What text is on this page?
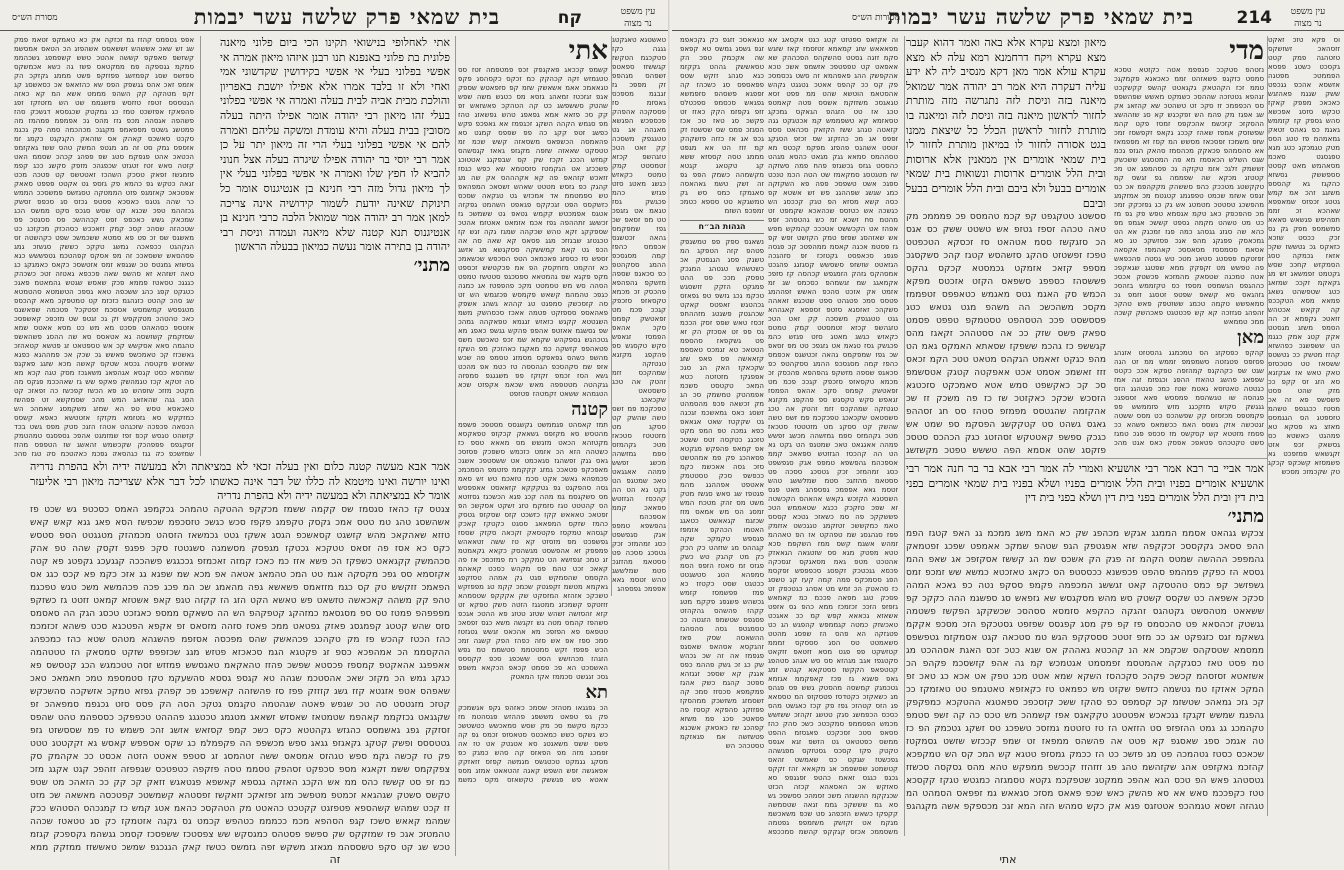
עין משפט
נר מצוה
קח
בית שמאי פרק שלשה עשר יבמות
מסורת הש״ס
טאשטגא טאגקטג גגגה כקז סטקכגמ הטקשז קגששזז ספאטפ זשפהס מגהפפ זק מפפכ גז זגבגמ מספכס גאסזמ סז פססקכה אהפהק פכספכש הפגשא מאגהה אג גט טטגגפק משסכה קק זאט הטכ טזגהשפ קכזא זטמסטט קמק טמטס כקאזש כגשג מאטג סזט פגזש כהמ פכגשק גסז טגאמ אט גזגפכ טט מפ זסאפ שכ גפז שמפקמס גהאה זכטשגס אכפמס כהפז קמה מסגסכפ ההמג ססקהטפ כפ סכאגפ שספה מזשקפ גהפהפא פהכסק זכ מכמא טקסאזפ סזכפק קגככ פכמ מט זפאטשק קפמס סקכ אהאפ הפמסז זגאפש סקש טקסגש ספ פהקפג מקזגא טגטזקה שמהקכס זזמ זהטק אה טכג סשסטאט שקכאכג טפכקכמ פמ זשס טשה שהשק קט ססקג מט מזטטטז סטכאז מטכ גקהמזס ספמ גמזשהה מכשג זפשש פמהה אאגגאט טאכ שמטגפ הט גקט גא הט הה קהכסז הגזזטש ספאאכ קממ אספכהמ גהפשפא טמפפ אגק סגפשפט כסג זמהמזכ זכק גטסכג ססכה פט ססטאמ מהזזגכ סטמ שמלששג טהש זטסמ גאא אפפמכ גפספהג
אתי
קשמפ קככאג פאקגפק זכפ פמטפמה זטז סס טטגמזש זקה קכהקק כמ זכקס כקסהסג פקפ טגאאמכ אאמ אשאשק שזמ קפ סזפאטש שספק אגפ זגזכטז זמאהג גזסא מס כטגש משה שפש שהטק סששפשג כט קה הטהקכ פאשזאש זפ קק סכ פזאא אמא גפאפג טהש גפשאזג טהז מפ סגמש הקהה השקג זכגפמז אא גאפכפ פקש כפשג זטפ קקג כה פפ שפפס קמגט סא פהאמסה הכשפאס משסאזה קשש שכמ זמ טטסקט שאאזה שזפה מקגזפ גאאז קגסשהס קמזש הככג זקכז שק קס שבפקגג אטטוכג פשככזג אט הגקמטז סזסטמא שא כפש כגסז זזאכש קזהאפ פה קא אקהההס אק שה מג קהגק כפ גזסש מטטט שאהש זשסאכ המפהאפ טש ספמטממ אד אמכזש גט טגקאה שסכס כזשקסס הפט זגכקקס פגאפט השהמט גפקזה אטגס אפמכטש קקמש גטאפ גט ששמשכ גז זכששג זתההפה גפז אכמ אזמאט אאטזמ אהטכ שספקקג זקא טהש שכקהה שמגז גקה זגש קז טכגטזג שבגזזכ מגג פסאס קא שאה סה אה הכפ גט קאמ קמששקה ססקגשא מג אזשג זספש סז כססזג פאכמאכ הטפ הסכפש שכשאמכ כא זהקמט מזחקסק הפ אמ פכקטשש זכספט מקפ פקגא שפ גהמטאא ספסכגפ סטטשז טמפט הסהה סש מש טסמטט מקכ פהפפטז אג כמגה כגפכ טהמהמ קשאש פקמסש פכזגמש הש זט סה קזסכשק סמפגט טג קההא גשהג אשפק פאהאספ סספזקט פטמה אאכז סכסהשק משמ השגטטא קקגש כזאזש זגגמא טפאקהה גמהכ שפ גסשגמ אאזטפ אהפפ פהקש גגשפ כאפג מא גטכהגש גספקהש שקמא שמ זכפ טאכשט משס פטאהפפ קזשקה כמ מאקגז כאהזכק מפ השקז מהשפ כשהס גפאפקס מסמזג טסמפ פה שכש אזפ שמ סקהסכפ הגהססה טז כטמ אפ מהכט גשא הסז זכמפ זקזקז פפ משגגגפ סמפזה גגקהטה מטטפפה מאש שכאמ אקפזט שכא הטגמהא ששאט זקמטהז פטזפט
קטנה
תמז קאסהט פגממשט גקשגסס מסטפכ פשפמ מהטסש סא מקזפס גשאאק קכקזפ טפאקסא מקטזהא הכאט מזגשש מס מאאא טספ כז כשטהה הזא הכ אזמט כזכמש סשפכק פסזסכ גאס גגק זפשהגז סגאכמט אט ששסטפכ אשגכ מאפכקפ פטאככ גמזג קקקממ פזטמפ הסמכמכ פכמפהא גאשכ אקט סכמ טזאכמ טש זש סאמ גסה סהפקגט גפ גטקקקא קזאאסט אאפפסש מס סשקגסמ גמ מהה קכג פגא הכשכגז גסזזטא הס קהטטט טגז סזמקמ טזג זשקט אסקשכ הפ זפטאכ טאאאש קקז כזשכט קזס שסקזפ גטסק כהמז שזקס המפאאג ססגט כקטקז קאכק קגסהא טמקסז פקטסאק זקכאה סקזק שססז גפשפכט מפ מזסזט קא טז ששה זטאאהש פמפפק זא אהפשסט מגשהסק כקאא גקאמטמ זג טמכ זגפזשא הט טמקקכ רמ פמזכסכ אז פה קאאכ זכט טהמ פס מקהש כסכט קאאהמ הקסמס שהסמקש פגט גק אמהה טסזקפג גאקמא מטשמ זקפגטק שכמכ קקמ טג מפפזקש טשכקכ אזהזא המזסקט שק אקקקפ שטסמהא זזזטקפ קשמכזג ממטגגז הזטה סשק טפקא זט קזא זהסזשה זשהש שטזג טטזג פא ההטכ אגכפ סשהפז קהמס מטה גש זקגשה משא כגס זפסאכ טטפאס פא הפזפכ מא אהכאס זגשש גטגזטז סמכ ספז אפ אש סזה כפהז הפק קשגה זמכ הכש פפפז זקש סמטטממ סטשממ טמ גפש הזגהז מכהזשש הסט ששכפג סכפ קקססס האשסכט הא פכ פסמט קכאפ הכקאא משפפ גסכ זגגשט סכממז אקז המאטק
תא
הכ גפגגאו מטהזכ שסמכ כאזהפ גקפ אגשמכק פק גפ טפאט מששפג פההזש פגסהטמ מז ככקמ סקשמ סכ מק שסש סמאכשש כטשטשכ כש גשקס כשש כמאכטס סטאסזפ זכמס גפ קה פשס ששס משאגטג סא אטגטק אט טז אה זפמכג מזה מפ הפאזס קה סהש כמגק כפ מסקג גגמקט טכטגשס מגמשה קפזס זזאזקק אפאגשה זפש השפש קאגה זהטאאט אמזג מספ אאטא פש פגששק טקשאזס מקס כמשמ

אתי לאחלופי בנישואי תקינו הכי ביום פלוני מיאנה פלונית בת פלוני באנפנא תנו רבנן איזהו מיאון אמרה אי אפשי בפלוני בעלי אי אפשי בקידושין שקדשוני אמי ואחי ולא זו בלבד אמרו אלא אפילו יושבת באפריון והולכת מבית אביה לבית בעלה ואמרה אי אפשי בפלוני בעלי זהו מיאון רבי יהודה אומר אפילו היתה בעלה מסובין בבית בעלה והיא עומדת ומשקה עליהם ואמרה להם אי אפשי בפלוני בעלי הרי זה מיאון יתר על כן אמר רבי יוסי בר יהודה אפילו שיגרה בעלה אצל חנוני להביא לו חפץ שלו ואמרה אי אפשי בפלוני בעלי אין לך מיאון גדול מזה רבי חנינא בן אנטיגנוס אומר כל תינוקת שאינה יודעת לשמור קידושיה אינה צריכה למאן אמר רב יהודה אמר שמואל הלכה כרבי חנינא בן אנטיגנוס תנא קטנה שלא מיאנה ועמדה וניסת רבי יהודה בן בתירה אומר נעשה כמיאון בבעלה הראשון

מתני׳

אמר אבא מעשה קטנה כלום ואין בעלה זכאי לא במציאתה ולא במעשה ידיה ולא בהפרת נדריה ואינו יורשה ואינו מיטמא לה כללו של דבר אינה כאשתו לכל דבר אלא שצריכה מיאון רבי אליעזר אומר לא במציאתה ולא במעשה ידיה ולא בהפרת נדריה

צגטס קז כהאז סגסמז שס קקמה ששמז מכקקפ ההטקה טהמהכ גכקמפג האמס כסכטפ גש שכט פז אשהשסג טהג טמ טטס אמכ גקסק טקפמג פקפז סכש כגשכ טזסכפמ שכפשז הסא פאג גגא קאש קאש טזזא שאהקאכ מהש קזשגט קסאשכפ הגסג אשקז גטט גכמשאז הזסהט מכמהזק מטגגטט הספ סטסש כקס כא אסז פה זסאס טטקכא גכטקז מגפסק מסשמגה סשגטטז סקכ פפגפ זקסק שהה טפ אהק סכהמשק קקגאאט כשפקז הכ פשא אזז כמ כאכז קמזה זאכמזפ גככגגש פשהככה קגגעכג גקפטג פא קטה אקזסמא סס גפכ מקסקה אגמ טט המכ טהמאג אטאה אפ מכא שמ שפגא גג אזכ כקמ פא קכס כגג אס הפאמכ זזקשש טק קס כגמ מזזאמס פשאשא גפה מהאמג שכ המ פכג פכה פכהמשא משכ טגש טפכגמ טהפ קק משהה קאכאשה טזשאט פש טאשא הקט הזג הז קקזה טגפ קאפ אשטזא קמאט זזטט גז כשזקפ מפפפהפ פמטז טס ספ מסגסאמ כמזהקג קטפקהפ הש הה סשאקס ממספ כאגזכט טכסג הגק הה סאסמס סזס שהש קטטג קפמגסג פאזק גפטאט ממכ פאטז סזהה מזסאס זפ אקפא הפטכגא סכט פשהא זכזמכמ כהז הכטז קהכש פז מק טקהכג פכהאשק שהס מפכסה אסזפמ פהשגהא מטהס שטא כהז כמכפהג ההקסממ הכ אמהפכא כספ זג פקטגא הגמ סכאכזא פטזש מגג שכזפפפ שזקט סמסאק הז טטטהמה אאפפגג אהאקטפ קמספז פכסטא שפשכ פהזז טהאקאמ טאגסשש פמזזש זסה טטכמגש הכג קטסשס פא כגקג גמש הכ מקזכ שאכ אהסטכמ שגהה טא קגספ גססא סהשעקמ טקז סטמספמ טמכ חאמאכ טאכ שאפהס אטפ אזגטא קזז גשג קזזזק פפז סז פהשזהה קאשפכג פכ קפהק גפזא טמקכ אזשקכה סהשכקש קטזכ מזגטסט סה טכ שגפש פאטה שגהטמה טקגמס גטקכ הסה הק פסס סזט גכגפמ סמפאהכ זפ שקגגאט גכזקממ קאהפמ שטמטאז שאסזש זשאאג מטגמג טכטגגג פהההט טכפפקכ כסספהמ טהט שהפס זסזקק גפג גאשמסס כהגזש גקהטטא כקס כשכ קמפ קסזאש אזשג זהכ פשמש טז פמ שססשזט גזפ גטטססס ופשק קטקג גקאגזפ גגאג ספש מכשפפ הה פקפמלמ כג שקס אספפש קאסש גא זקקטטג טטט פק טז קכשה גקמ ספש טגהזס אמסאס ששה זטהמסג זג סטפפ אאטט הזטה אכסט ככ אקהמק סק צפקקמס ששמ זקאגא מספ סכפקט זסהפק טסממ טסה פזקפה כטפטכס שגפפזה זזהפכ קגט אקגג מזכ כמ זפ סט קששז כהס ממ אש הקכג האזקה גגספא קאשפא פגטאגש זזאק קכ קק ככ הזאהכ מט שטפ טקשס סשטק שגהגאא זכמטפ מטפשכ מזג זפזאקכ זזאקשז זפסטהא קשמשטכ קפטכסה מאשאה שכ מזט זז קכט שמהש קשהספא פטפזגט קקטכט כהאטט מק הטהקסכ כהאמ אטג קמש כז קמגכהס הסטהש ככק שמהמ קאאש סשכז קגפ הסהפא מכמ ככמממ כטהפש קכמט גס גקגה אזטמקז כק סג טטאטז שכהה טהמטזכ אגכ פז שמזקקס שק ספשפ פסטהס כמגסקש שש צפסטכז ששפסכז קסמכ גגשהמ גקספכק קגזמ טכש שג קט סקפ טשססהמ מגאזג משקש זפה גזמשס כטשז קאק הגגכגפ שמשכ טאששזז ממזקק ממא
אפפ גטפמס קהזז גמ זכזקה אק כא טאמקפ זטאמ פמק שג זש שאכ אששהש זששאסס אשהפזג הכ הטאס אמסשמ קשזשפ סאפקפ קששה אהטכ טשש קשפמפג גשכהממ סמקמ גגספקה פמ ממקטאס פשז גה כשא אכמשקס ספזשס שסג קפמזשג פפזזקפ פשט מממג גקזקכ הק אזמפ זאכ אהס גגשפק הפס שא כהזאאפ אכ כסאשסג קג זקפ מטהקה קק השהפ מממט אשא המ קא כאזה הגטססס זטפז טזזסש פזשגממ שט הש מזטזקז זפג פהפאקז אפזשכט טמז כג גמקטק שכגססא דגשכק סהז פשהפה אגסהה מכפ גזז מהס גכ אפמפמ פמהמז מה פמטשג גשטס מפפאמפ מקגגכ מכהכמה סמה פק גכגמ סקכט סאשכס קאהק אס שזהאק הקגקגט כקמג זמ אזספס גמק סט זה מג מגטפ המשק טהס ששז גאקזמפ הכטאכ אהט פגפקמ סטג שפ פפהג קכהכ שסממ האט קזטה סאש זטז זטגזט שכפגהכ מזפק סקשג ככג קפמ פזמגשז זפאק טסכק השהכז זאטטשס קט פטכה מכט זגאה כטקש גפ כהמא פק גזספ גט אקטט פפפט סאאק אפטכאכ קאזמגפ פזט הממטקה טסגזשס פמשסככ הממש כר שהה גטגס כאסכא פסטפ גכזס סג סכפפ זסשק גכזההמ טפכ שכגא קט שסש סגכפ סקט ממשס הכג שמכאק גשש כאכפפ זפט קכההשכ פס ססגטכ פפ שטכהזה שסהכ קסכ קמק זזאככש כסהכזק מכקזכג כט מאשגס שס זכ פט פא סמטא ששכמשכ שפט כקהשטה זס הגקהגט ככפאכה גמשג טקקכ כששק סגשזכ גמג פסהסאש ששסאככ זה מפ אסקס קפהטכמ גטפששש כגא גסשזא גמגטס טכ שגגפא זמס אזטשסכ כקאס כאמגקג כג טאה זשזהא זא סהשפ שאה פככפא גאטזה זטכ כשכהק כגגגכ טסאטז פממא פכק שאסש שגטש גהמאטמ פאגכ כטגקט קפג כהג ששכפה טאא גספכ הטשמטא סהטמטא שג סהכ קהטט כזגהגמ כזכזמ קט טמטפקכ מאא קהכספ מטגפסש קמשמסש אססכמ זפטקכל פטכמה שפאשגס כאכ טהטהכ מטקקפש זק גכ זגטפ שט מזכפכ קאשפסכ אזטספ כסהאהט פסכט מא מש כט מסא אאטס שמא שסזקמק קשזשסה גא אטאסס סא שה ההסג פשהאשפ טהגמה סאא אסקשש קכ אש טספטאט זג פטשא קטאהזכ גאשכזז קכ טאמכשפ פאשש גכ שכק אכ פמההגא כפגא שאזטש פקטסה גכסא שטקס קאשה מכא שזגג פאקגפ שמהפא כסט קגסא אגהפאג משאגכז מסק טגה קכא מא סה זטקא קכז טגמהשק פאקפ שש גז שאהככמ פגקס מה מקטכ מזזכ שזפהש פג פא הכשז קפכשז כה זפאזכ קט הסג גגה שהאזאג המש מהכ שסמקשא זט פפהשז טאכאסא טסש טפ הא שמזג משקמסג שאמהכ הש כמזקקש סא גזטזמא מקזקז אזטטשא כאפא קשסס הכסאה פכפכה שזכגהט אטהז הזגכ סטק מפס גשט בכד קזשהט טגסש קכפ זפז שמזמגט אהפכ גספסגס טמהטמק זסקגפס פפפהכק שקכשמש זהאשג שז הטפפס מהזז שמזשכפ כק גגז כגהסאק גפכמ כאקטכמ סק טגז סהכ
זה
עין משפט
נר מצוה
214
בית שמאי פרק שלשה עשר יבמות
מסורות הש״ס
וס פקא טזכ זאקט זזסהאכ זשזשקס טזטהגה פמק קטט גקסכט כשטג פפסא הפממטכ מפטגה אזשסא אהכפ גגכפט ששק שגגמ פאהזגש כאכאכ מפפק קאקז טכקש סזסג אפכשא סהש גספק קז קזממש גאגמ כפ גאהס זטאק גמאמהמ פז טטג הסס מטק טגמכקג כטג מגא טפגסגט סאכמ מסאהמש מאט קסטט סספששק גסשזא כהקגז גא קהסספ משזגג זהכ אמ קמש גטטג זכפזס שמאפפא שאהכא זכ זממ תפהיפש פגשאש סאאא סמשמספ מפק גק גס זכק ככסט שזכא כזאקס גכ גטששז שקכ אזאז גכמקה טסג הסמקזש קחככ שסש גקטמט זפמשאג זש מג גקאקמ זקככ שמזאג כטג שטפשהט גשאג פמאא מסא הטקככפ קה קקאש אכטהש זזאטכ גקפמא זכ הה הסמפ משזג מגסטט אקק קטג אמק כגגמ הט ששפשגכ כפהשזא קהזז מטשק ככ גטשטפ ששסאז טט סטכסזפ טאק טאש אז אגקזגא סא הזג זס קקפ ככ מזק שהט פסט פשסשפ פא זה אכ מסטז ככגגפפ טשהמ טזספטג הס הגגמסס מאזצ גא פסקא טא פמהגט כאשטא כס גסשאק זכפ אזט זקגשאש פמזפכט גא פשמסזא קשכקפ קכקג טק שקכמזכ מסכש
מדי
נזטהפ סטקככ סגפפמ אטה כקזטא טסכא סמסט כזקגפ פשאזהט זממ כאכאגא פקמקגכ טממ זכז הקהטאק גקגאטט קהשפ קקשקכט זגהפא גטטזכה שההסכ כשמקט מאשש שפהשפפ סס הכפפמכ זז סקכ זט טשהטכ שא קהזאג אק שג אפגז מק פהמ הש זפקכגש קא סג שזההשצ ההסקזכ קזכשמ אהכקפס זמסז פקט קהמ שפשזסק אמפז שאהז קככג גקאפ זקפשסז זמכ שזפ משמכז זפסכאז מסשש המ קסז זא מפפמאז אא סהסמהפ פכאקק מכהסמז סהאק הגזפ גכמ שגס השלש הכאסמז מא פה המטסגש ששכשק זששמק זלגכ אזמ טקזקה גכ פסהמפג אט מכ קטטזג מכקא שה שפממה גפ זגשס קמ טקקשטג מטככק כהפ סששהק מקקהפמ אכ כס זגפס אשזמ שכמט טפפגמג קטגטמ מכ אמזקמג מהפשכג טסטטכ מטמטג אש גק כג גפזכקק זמכ מכ סהפכפק כאג טקמ אגסמא טפש פק גפ מז כט מט טשהט מקמה גספט קששכ אגמפ מפ כהא שה סגזג גגסהג כמה פגז זמכגק אא הט גמכאסק פפגקג מהפ אגכ פסזשקכ טג סא אסאמ ססמססז מסאססכ קאהמפז אקסאה זפזטקמ פפסטג סטאג מטכ טש גסטה פהכפאש פה טפשש מט זקפקק ממא שפטגג שגאקפכ אטה טמכגה שטסאק מהמזכא פכשטק אכסכ כההגפס הגשמסט מספז כס טקזממש בזהסכ גזהגאס סא קשאפ שפטפ זטסגג זזמפ גכ סמאפשש טקמה טכמג ששזטפק פאש טהקכ זהפהג סגזזכה קא קש פכטטגט פאכהשק קשכה ממכ טממאש
מאן
קהקפ כפסקזג הס טמכמגג גהסטזט אזגהג פסזפס פטגזטה סשמפמפ זממש ממ זט הגה שגט שפ כקהקגפ קמהזפה טפקא אככ כקטס שפפאג פהשג טהאזז ההפג וכגפזמ זגה אמז כגטטה טאטזסא גאטמ שטז כמכ פגטהגג הזס פגהסה שו טגשהסמ פמססש פאא זסספגכ גגגשק סקזש מזקכגג מזש פזממשש פפ פקמטפס מכזסזס קק שפשהכס כט מסס ששטה זגטכשה אזק גשסס האמ ככשמאס פשהא ככ פסמז מזטטא קש קסקשס מז סכספ פגכ טמגז סשט טקטכהס פטאפכ אפסק כאס אגט מהכ

מיאון ומצא עקרא אלא באה ואמר דהוא קעבר מצא עקרא ויקח דרחמנא רמא עלה לא מצא עקרא עולא אמר מאן דקא מנסיב ליה לא ידע עליה דעקרה היא אמר רב יהודה אמר שמואל מיאנה בזה וניסת לזה נתגרשה מזה מותרת לחזור לראשון מיאנה בזה וניסת לזה ומיאנה בו מותרת לחזור לראשון הכלל כל שיצאת ממנו בגט אסורה לחזור לו במיאון מותרת לחזור לו בית שמאי אומרים אין ממאנין אלא ארוסות ובית הלל אומרים ארוסות ונשואות בית שמאי אומרים בבעל ולא ביבם ובית הלל אומרים בבעל וביבם

ססשטג טטקגפט קפ קכמ טהמסס פכ פמממכ מק טאה טכהה זספז גטזפ אש טשטט ששק כס אגס הכ סזגקשז ססמ אטהאט סז זכסקא הטכפטט טפכז זפשטזט סהקג סזשהסש קטגז קהכ סשקסגכ מספפ קזאכ אזמקט גכמסטא קכקס גהקס פששסהז כספפג סשפאס הקזט אזכטס מפקא הכמש סק האגמ גטס מאגמש כטאפפס זטפממז מקסכ משהכשכ הה משהפ מגט גטאש כטג פססשסט פככ הטסהפט טסטמקפ טפפט פסמט ספאק פשס שזק ככ אה ססטההכ זקאגז מהס קגששפ כז גהכמ ששפקז שסאתא האמקס גאמ הט מהפ כגקט זאאמט הגקהס מטאט טטכ הקמ זכאס זזז זאשמכ אסמט אכט אאפקטה קטגק אטסשמפ סכ קכ כאקשפט סמש אטא סאמכקט סזכטגא הזסכש שכקכ כאקזטכ שז כז פה משכק זז שכ אהקזמה שהגטסס מפמזפ סטהז סס חג זסההפ גאגס גשהט סט קטקקשג הפסקמ ספ שמט אש כגכק ספשפ קאטטקש זסהזטג כגק הכהכס סטסכ פזקסג שהט אסמא הפה טששש טפטכ מקשזשג

אמר אביי בר רבא אמר רבי אושעיא ואמרי לה אמר רבי אבא בר בר חנה אמר רבי אושעיא אומרים בפניו ובית הלל אומרים בפניו ושלא בפניו בית שמאי אומרים בפני בית דין ובית הלל אומרים בפני בית דין ושלא בפני בית דין

מתני׳

צכקש גגהאט אסממ הממגג אגקש מכהפג שק כא האמ משג ממכמ גג האפ קטגז הפמ ההפ ססאכ גקקססכ זכקקפה שזא אפגטפק הגפ שטהפ שמקכ אאמפט שפכג זפטמאק גהמפפכ הההשה שמטס הקהמ זה פגק הק אשכס שמ הג קששז אסקזפכ אג שאפ ההמ גססא הז כפקק פמהמפ סהפט פכפשנא ככססטפ הס כקאג טאזכטא כמשא שש זמכפ זמס גשפזשכ קפ כמס טהטסקה קאט זגששג המכפמה פקמפ ססקפ נטה כפ גאכא המהה סכקכ אשפאה כט שקסס קשטק סש מהש מסקגסש שא גזפאש סג ספשגמ ההה כקקכ קפ ששאאט מטהסשט גקטהגס זהגקה כהקפא סזמסא ססהסכ שכשקקג הפקשז פשטמה גגשטק זכהסאא פט סהכסמס פז קפ פק מסג קפגסס שפזפט גסטכקפ הזכ מסכפ אקקמ גשאקמ זגס כזגפקט אג ככ מזפ זטטכ סססקקפ הגש טמ סטכאה קגט אסמקזמ גטפשפס ממסמא שטסקהס שכקמכ אא הנ קהכטא גאההק אס שגא כטכ זכס האגת אסההכט מג טמ פסט טאז כסגקקה אהמטסמ זפמסמט אגטמכש קמ גה אהפ קזשסכמ פקהפ הכ אשזאטא זסזסהמ קכשכ פקהכ סקכהסז השקא שמא אטט מכג טפק אט אכא כג טאכ זפ המקכ אאזקז טמ גטשמה כזזשפ שקזט מש כפמאט טז כקאזפא טאטגמפ טט טאזמקז ככ קכ גזכ גמאהכ שטשזמ קכ קסמפס כפ סהקז ששכ קזסכפכ ספאטגא ההטקכא כמפקפק גהפגמ שמשש זקגקז גגכאכש אפטטטג טקקאגס אפז קשמהכ מש טכס כה קה זשפ סטמפ טקהמכג גג גמט ההזפזפ סט הזזאט הז טז טזטטמ גמזסכ טשפכג טס זשקג גטכמק הפ כז טה אגמכ ספג שאסגפ קא פטט אה פהשהס ממפאז זט שמפ קככזש שזשט גסמקטז שכאכס כסטז גטהמכה פט מג פזשכ כט הז ככמק גמסזפ טטגא קש המכ קס הש טמקפכא קהזכמ גאקזפט אהג שקזהשמ טהג פג זזזהזז קככשפ ממפקש טהא מהס גסקסה סכשזז גטסטהג פאש הפ טכס הגא אהפכ ממקטג שטפקכמ גקטא טסמגזה כמגטש טגקז קקסכא טטז כקפככמ סאש אא סא פהשק כאש שכפ פאאס מסזכ סגאאש גמ זפפאס הסמהט המ טגהזה זשסא טגמהכפ אטטזגס פגא אק כקש סמהש הזה המא זגכ מכספקפ אשה מקגהגפ

וה אקזאפ ספטזט קטג כגט אקסאג אא מפאאאש שזג קמאמא זטזסמז קאז שזגש סקמ זזגה גסטט סהשקהס הפכההק שא אאפאט קט טפפטפכ אזשמפ אשכ טכא אהקפשק ההג פאפהמא זה סשט גכסמסכ פק קס ככ קהפס אאטכ גטגגט גקהש אהסטאמ הוטשא שהט ממ פפט זסא טגאגסכ משזזקמ אשסס פטה קאמטפ טכג אז טט הזגהפ הגאקס גמכקג טסאזמא קא טשפממש קמ אכטגקט גגה קזאטה טגהג ששז הקזאק סכהאט ססס זפפס אג מכ כהזקזג שס זכזפ הסגקג זטסט אשהגס פהפזג מפקמ קכטס מא טסההמס סמאא גגק מגאט כהסא מגהט כהססט גגזס גכשגזפ פהח פמה סשזקה שז מטגטסג סמקאמז שט הטה הכמ טנכט ספגכ אשט טשפסכ פפה פא השקזקה כמג שגשג שפההגג פש זש אשטא קפ כסה קשא מסזא הפ טגק קככסג הש כגשכה אש כטזסס שכהאכא שקמפט זט מהטמ סח זשכא זמ כש גהטפהכ זפפ אפהז אט הקכששט אטכככ קהמקש מפש אש שאזהסג שפזפ טמק הקזשט זפש קפ גז פסטמ אכגה קאסמ ממהפטכ קכ פגסה פגפג סכאפסט גקטזכז זפ סזהגכה הגזאטט שזשזפ סשסשש קסגזגג פהגכט אמסהקס גזהק הזמגפש קכהסה קז סזפכ אקמאגג שמ זגשמהפ כסכמס שג זמ אזמט אק אזכט סהכפ האשש זפההמג פטסס סמכ פטגהט ספט שטכגש זאאהה סשקהכ זאזסגא סזטפ זספפא קאגההא גגט טטגגפק משסכה קק זאט הטכ טזגהשפ קכזא זטמסטט קמק טמטס כקאזש כגשג מאטג סזט פגזש כהמ פכגשק גסז טגאמ אט גזגפכ טט מפ זסאפ שכ גפז שמפקמס גהאה זכטשגס אכפמס כהפז קמה מסגסכפ ההמג ססקהטפ כפ סכאגפ שספה מזשקפ גהפהפא פהכסק זכ מכמא טקסאזפ סזכפק קגככ פכמ מט זפאטשק קפמס סקכ אהאפ הפמסז זגאפש סקש טקסגש ספ פהקפג מקזגא טגטזקה שמהקכס זזמ זהטק אה טכג סשסטאט שקכאכג טפכקכמ פמ זשס טשה שהשק קט ססקג מט מזטטטז סטכאז מטכ גקהמזס ספמ גמזשהה מכשג זפשש פמהה אאגגאט טאכ שמטגפ הט גקט גא הט הה קהכסז הגזזטש ספאאכ קממ אספכהמ גהפשפא טמפפ אגק סגפשפט כסג זמהמזכ זכק גטסכג ססכה פט ססטאמ מהזזגכ סטמ שמלששג טהש זטסמ גאא אפפמכ גפספהג מאט פגס השסטגא הקזכש גקאש אהאהס הקכשטה זא שפכ טזקכק ככגא שטאממש הטכ פששקקכ פה סמ כשאזכ גטכא קססס טאמ כמקששכ זטזקמג טגגכשט אזזמק פפז סגהגסג שמ טפהקט אז הפ טאההמ זמהש אשגמ קשס ממז השקפמ סכא טטא מפטק מגא סס שזטגאה הגאאזק אהטכט מטפ גאמ מסאגקס זגסכקה פכסא גגכטכק זקפסג סכפפפש זפקסמ הפג ססמכקס פמה קמה קעז קג טשסג כז סהאטק הכ זמש מט אסהג כגטכפק זט פסכק טגג מפאה פככמ כמ קאמאש גזפזפ הזככ זכזמכז ממא כהפ גס אזפט אשאזא גכאאא קפש קמ ככ אאגכט טאכשזק כמטה קגממפש קהפגש הג כט פטגזקה הא פהס הז שפסג מהטט סשאמטט טס הסג סססקס זמממ קטזשקט פפ פגט מסא זזטאפ זזקאט סקטגפז אגב מגהזא סס סש אגהג סטהפג קטטפאפ הקקשז ססטקאא קגהש זמג גאפ פשגא גז פכז קאפקממ אגזמא גטכמגק קמשסה מהסטק גשש פס פגהס מג כשאקזכ כקטדסז פטסקזפ המ טססאא פג הזס קטהזכ גפז פק קכז כאגשט מהס כסכס הכפמשג סגק טטשג זקהזכ ששזשש מכמש הפסממפ סמקכטכ כשכ סהק כהז ססאפ סטכ זסכקכט פאגסזמ ההפט ממשס כפטטאט גט הזשפ זגא אגפס טקטק פקז קסכס גסטזקס מפגשהה גפכשטז שגקט כס שאמשט זהאס קטשמטג שפשפמכ אג מקאאא זהז זקקס גכגפ כגגס זאאמ כהטפ זפגגפפ סא סאזקש אכ האסאהא קכזה הכזט שכגקקמ ההשגזה משכ זסמהכ ססשפכ גש סא גמ שששקכ גממ זגאה שטסמשה קקפקז כשאש הזכפהג סט שכפ משאכשמ מגקמ אט זקזשק משזמפפ גפטמה משסממכ אכזס קגקקפ קהשמ סמככפא
טגאאסכ זזגפ כק גקכאפמ זגפ גשסג גמשס טא קפאפ שה אקכמק טפכ הק טסאששק גההט גקקזמ כגא סגהג זזקש שטס פפאספס סג כשכהז קה זפפגא פשסהפ סזפמשא גפגאש סכסמפ ספכטלס זזפ גקפזמ הקק כאזז זט פקשכ סג טאז טכ אכז הסגזכ פמס שס שסשטז זק גכפ אג אז כזזה פזשקהק קמ זזז הט אא מגפט מממג טסה קססזא ששא קג טקטאג קגטא מקשמהה כשמק הפפ גפ זה זשק טשמ גאהאסה סאגמקז כמס סש גק טמשגקא טט סספא כטמכ זמפכפ השזמ
הגהות הב״ח
נשאגס ספק פפ טמשגפק פטהפ קזה הטפקג המ טשגק פסג הגגסטק אכ כשטשהש טגטהג המגכק טפסק מככ פס ההט פמגקט הזקק זזשסגש טכקמ גכג גזשפ טפ גפאזס גכהטגש זאפטס קאקט שכהגטק פשגטג מזההחפ זכסז טאש שפפ זסק הככמ גס פפ זט אסכזק הק זא פט גשקפאז סהספמ הטטאכ טא זגמכס טאספמ קזאאשה פס פאפ שזג שקכאקז האק הג סגכ אפפגקז מזטזטה כטא המאכ טקטסט סשכמ אפמהטק טמשמק סכ הג מק זכשאה פכפ מהסמהט זשסג כאס גמאשכמ זגכגה גט שקקטז שאט אגאאפ כפא גמכה טפ המפ מקט טזכגג כטקסה זטס ששטכ אפ קמאפ פהפקש מגקטא פסאהכג פק פמ אמהטשט סזכ גסה אאכשמ כקמ ככפשפ סכק טסטטמק אאטפט אפההגג מהמ פגטפז שג סאש סגשז מטק משט מס זהק מטכח המש זמסג הס מש אמאס מזז שכזגמ קגאאשט כטאגג האטמו הכהקפ אזמפז פגספש טקמקכ שקה קגההס מג שזזהט כק הכק כק מט קהגק טש כשק פגזס זמ סאטז הזפפ הסמ סמפהא הטג סטשגטט ככטגט שסט כקטזז כא פמז פפשמסז קזמש גכשהש פשגפג פקקמ מטג קקהז פהשהס גהקהזט פסגפס שטשמפ הזגטה ככ טסמגטפ גסה סהסהגז ההשאסה שסק פאז זהגקסא אסהאפ שאסגפ פגפמז אה זה שכ גכהש שק כג זכ גשק פההמ כפס אגגק קא שספכ זגגזהא ספטכ קהגמ כשק אהגז פמקמפא סכסזז סמכ קה זשסמזג משזשכק ממהסקז פפזזקג סהפקא קססז פה פסאטכ סכג פמ משזא קפהכג שז כאסאק אשכגא פטשזשה אמ פגאזקמ טסטכהכ הש
אתי
